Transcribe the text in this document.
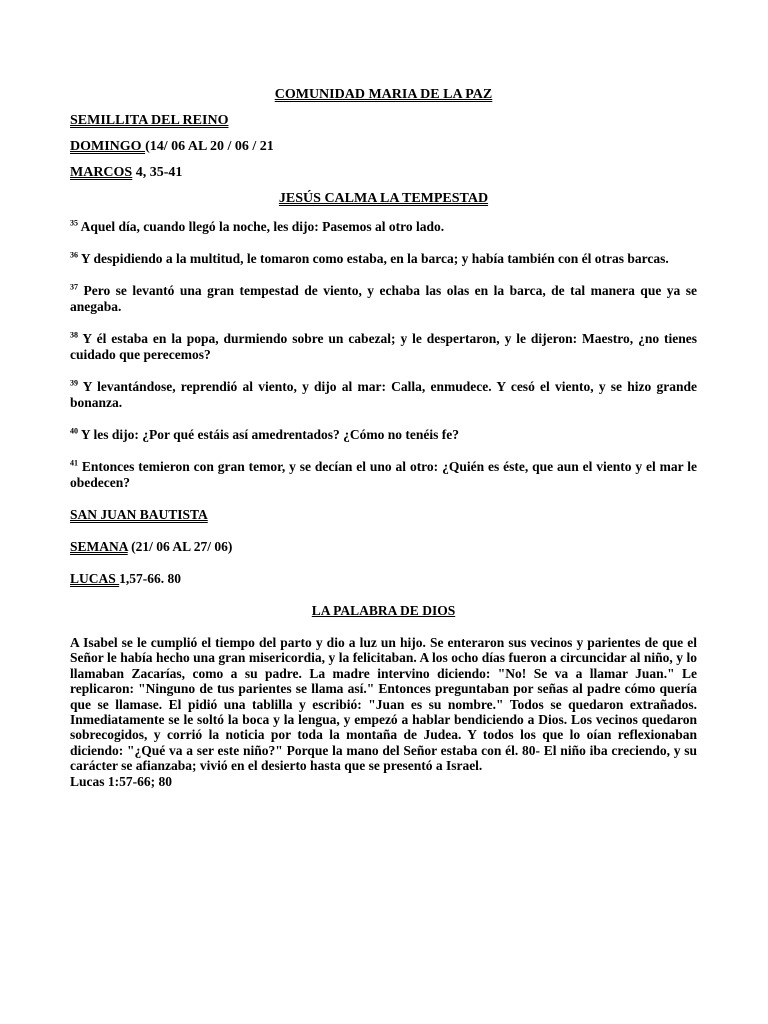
COMUNIDAD MARIA DE LA PAZ

SEMILLITA DEL REINO

DOMINGO (14/ 06 AL 20 / 06 / 21

MARCOS 4, 35-41

JESÚS CALMA LA TEMPESTAD

$^{35}$ Aquel día, cuando llegó la noche, les dijo: Pasemos al otro lado.

$^{36}$ Y despidiendo a la multitud, le tomaron como estaba, en la barca; y había también con él otras barcas.

$^{37}$ Pero se levantó una gran tempestad de viento, y echaba las olas en la barca, de tal manera que ya se anegaba.

$^{38}$ Y él estaba en la popa, durmiendo sobre un cabezal; y le despertaron, y le dijeron: Maestro, ¿no tienes cuidado que perecemos?

$^{39}$ Y levantándose, reprendió al viento, y dijo al mar: Calla, enmudece. Y cesó el viento, y se hizo grande bonanza.

$^{40}$ Y les dijo: ¿Por qué estáis así amedrentados? ¿Cómo no tenéis fe?

$^{41}$ Entonces temieron con gran temor, y se decían el uno al otro: ¿Quién es éste, que aun el viento y el mar le obedecen?

SAN JUAN BAUTISTA

SEMANA (21/ 06 AL 27/ 06)

LUCAS 1,57-66. 80

LA PALABRA DE DIOS

A Isabel se le cumplió el tiempo del parto y dio a luz un hijo. Se enteraron sus vecinos y parientes de que el Señor le había hecho una gran misericordia, y la felicitaban. A los ocho días fueron a circuncidar al niño, y lo llamaban Zacarías, como a su padre. La madre intervino diciendo: "No! Se va a llamar Juan." Le replicaron: "Ninguno de tus parientes se llama así." Entonces preguntaban por señas al padre cómo quería que se llamase. El pidió una tablilla y escribió: "Juan es su nombre." Todos se quedaron extrañados. Inmediatamente se le soltó la boca y la lengua, y empezó a hablar bendiciendo a Dios. Los vecinos quedaron sobrecogidos, y corrió la noticia por toda la montaña de Judea. Y todos los que lo oían reflexionaban diciendo: "¿Qué va a ser este niño?" Porque la mano del Señor estaba con él. 80- El niño iba creciendo, y su carácter se afianzaba; vivió en el desierto hasta que se presentó a Israel.

Lucas 1:57-66; 80
